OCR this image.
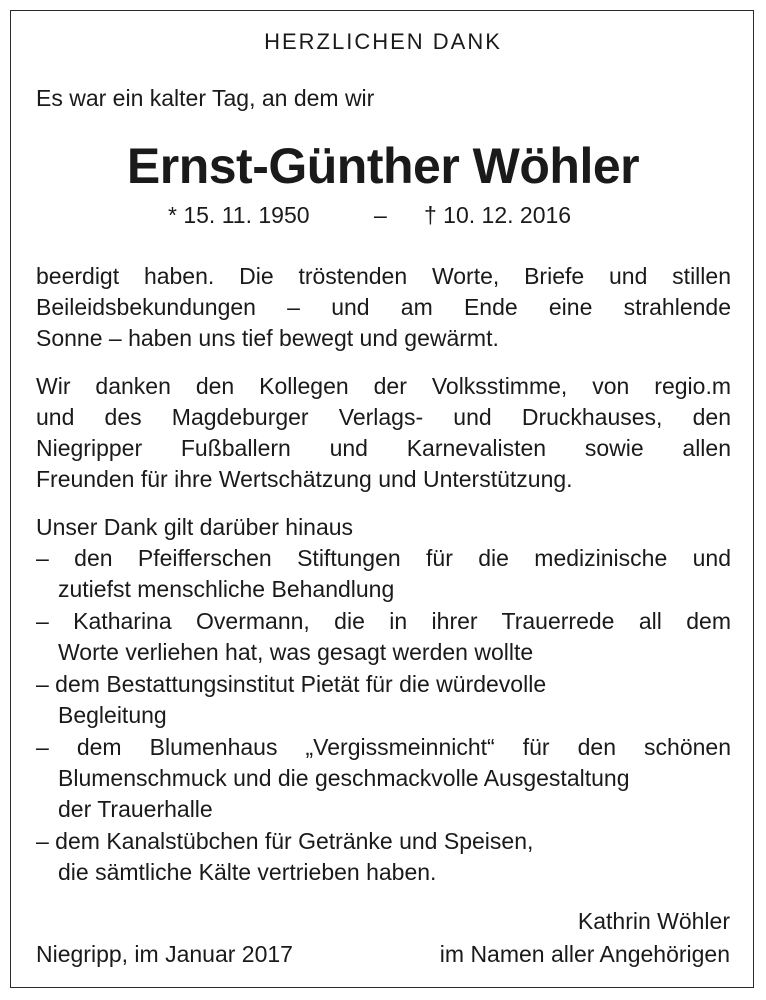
HERZLICHEN DANK
Es war ein kalter Tag, an dem wir
Ernst-Günther Wöhler
* 15. 11. 1950	– † 10. 12. 2016
beerdigt haben. Die tröstenden Worte, Briefe und stillen
Beileidsbekundungen – und am Ende eine strahlende
Sonne – haben uns tief bewegt und gewärmt.
Wir danken den Kollegen der Volksstimme, von regio.m
und des Magdeburger Verlags- und Druckhauses, den
Niegripper Fußballern und Karnevalisten sowie allen
Freunden für ihre Wertschätzung und Unterstützung.
Unser Dank gilt darüber hinaus
– den Pfeifferschen Stiftungen für die medizinische und
zutiefst menschliche Behandlung
– Katharina Overmann, die in ihrer Trauerrede all dem
Worte verliehen hat, was gesagt werden wollte
– dem Bestattungsinstitut Pietät für die würdevolle
Begleitung
– dem Blumenhaus „Vergissmeinnicht“ für den schönen
Blumenschmuck und die geschmackvolle Ausgestaltung
der Trauerhalle
– dem Kanalstübchen für Getränke und Speisen,
die sämtliche Kälte vertrieben haben.
Kathrin Wöhler
Niegripp, im Januar 2017	im Namen aller Angehörigen
